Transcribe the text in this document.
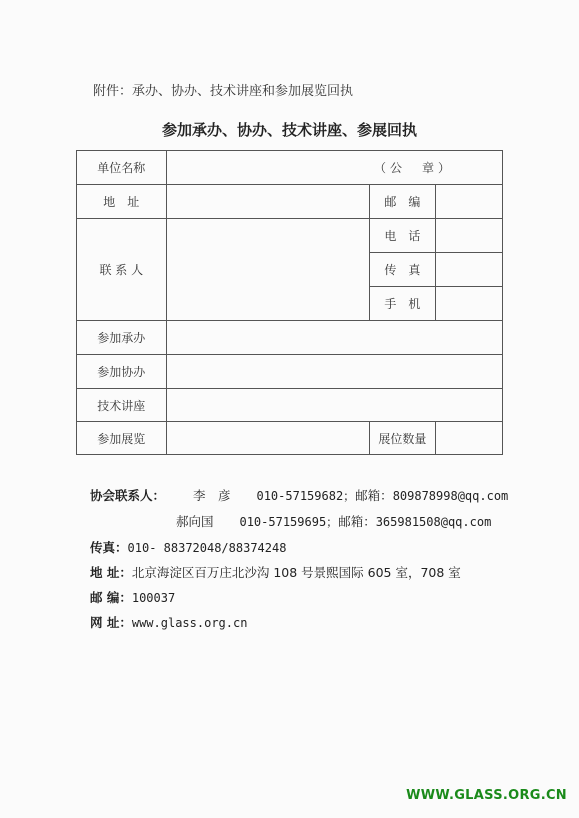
附件：承办、协办、技术讲座和参加展览回执
参加承办、协办、技术讲座、参展回执
单位名称	（公　章）		
地　址		邮　编	
联 系 人		电　话	
		传　真	
		手　机	
参加承办			
参加协办			
技术讲座			
参加展览		展位数量	
协会联系人： 李　彦 010-57159682；邮箱：809878998@qq.com
郝向国 010-57159695；邮箱：365981508@qq.com
传真：010- 88372048/88374248
地 址：北京海淀区百万庄北沙沟 108 号景熙国际 605 室，708 室
邮 编：100037
网 址：www.glass.org.cn
WWW.GLASS.ORG.CN
